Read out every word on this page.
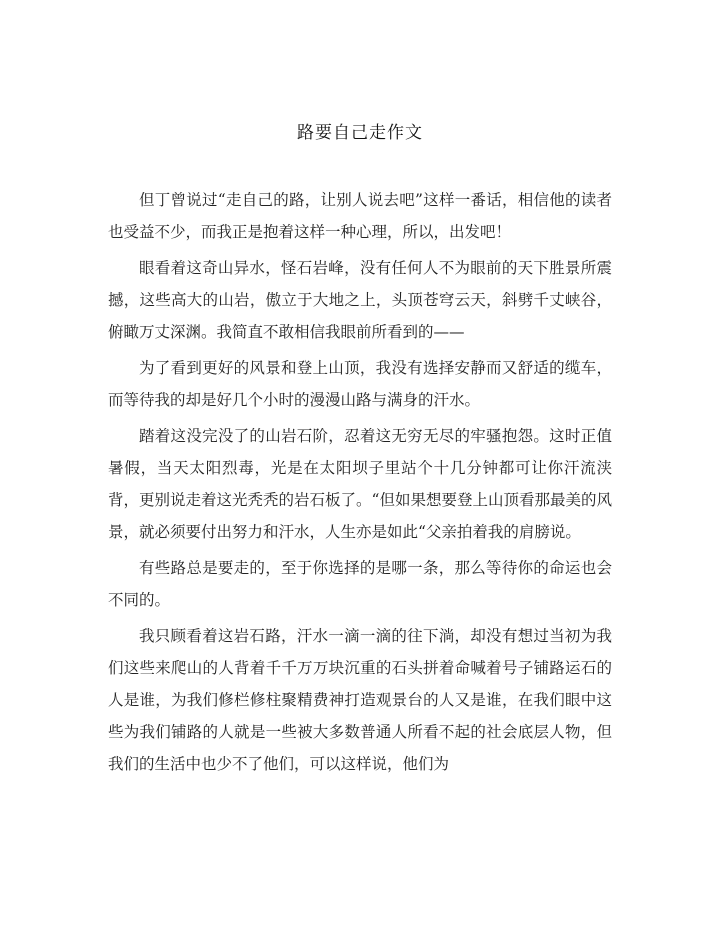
路要自己走作文

但丁曾说过“走自己的路，让别人说去吧”这样一番话，相信他的读者也受益不少，而我正是抱着这样一种心理，所以，出发吧！

眼看着这奇山异水，怪石岩峰，没有任何人不为眼前的天下胜景所震撼，这些高大的山岩，傲立于大地之上，头顶苍穹云天，斜劈千丈峡谷，俯瞰万丈深渊。我简直不敢相信我眼前所看到的——

为了看到更好的风景和登上山顶，我没有选择安静而又舒适的缆车，而等待我的却是好几个小时的漫漫山路与满身的汗水。

踏着这没完没了的山岩石阶，忍着这无穷无尽的牢骚抱怨。这时正值暑假，当天太阳烈毒，光是在太阳坝子里站个十几分钟都可让你汗流浃背，更别说走着这光秃秃的岩石板了。“但如果想要登上山顶看那最美的风景，就必须要付出努力和汗水，人生亦是如此“父亲拍着我的肩膀说。

有些路总是要走的，至于你选择的是哪一条，那么等待你的命运也会不同的。

我只顾看着这岩石路，汗水一滴一滴的往下淌，却没有想过当初为我们这些来爬山的人背着千千万万块沉重的石头拼着命喊着号子铺路运石的人是谁，为我们修栏修柱聚精费神打造观景台的人又是谁，在我们眼中这些为我们铺路的人就是一些被大多数普通人所看不起的社会底层人物，但我们的生活中也少不了他们，可以这样说，他们为
